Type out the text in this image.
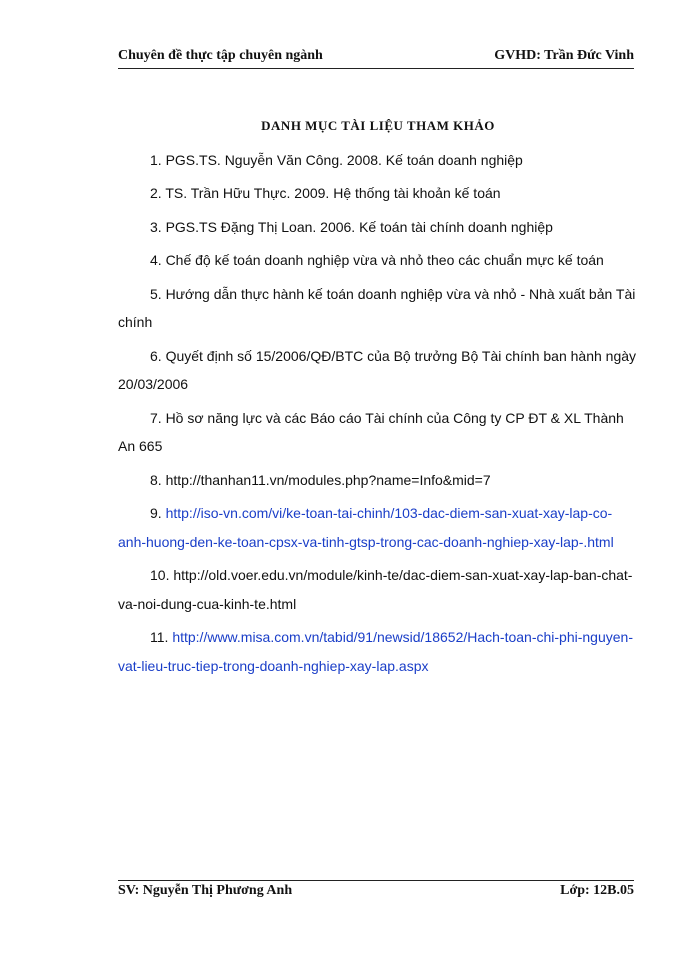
Chuyên đề thực tập chuyên ngành	GVHD: Trần Đức Vinh
DANH MỤC TÀI LIỆU THAM KHẢO
1. PGS.TS. Nguyễn Văn Công. 2008. Kế toán doanh nghiệp
2. TS. Trần Hữu Thực. 2009. Hệ thống tài khoản kế toán
3. PGS.TS Đặng Thị Loan. 2006. Kế toán tài chính doanh nghiệp
4. Chế độ kế toán doanh nghiệp vừa và nhỏ theo các chuẩn mực kế toán
5. Hướng dẫn thực hành kế toán doanh nghiệp vừa và nhỏ - Nhà xuất bản Tài chính
6. Quyết định số 15/2006/QĐ/BTC của Bộ trưởng Bộ Tài chính ban hành ngày 20/03/2006
7. Hồ sơ năng lực và các Báo cáo Tài chính của Công ty CP ĐT & XL Thành An 665
8. http://thanhan11.vn/modules.php?name=Info&mid=7
9. http://iso-vn.com/vi/ke-toan-tai-chinh/103-dac-diem-san-xuat-xay-lap-co-anh-huong-den-ke-toan-cpsx-va-tinh-gtsp-trong-cac-doanh-nghiep-xay-lap-.html
10. http://old.voer.edu.vn/module/kinh-te/dac-diem-san-xuat-xay-lap-ban-chat-va-noi-dung-cua-kinh-te.html
11. http://www.misa.com.vn/tabid/91/newsid/18652/Hach-toan-chi-phi-nguyen-vat-lieu-truc-tiep-trong-doanh-nghiep-xay-lap.aspx
SV: Nguyễn Thị Phương Anh	Lớp: 12B.05
